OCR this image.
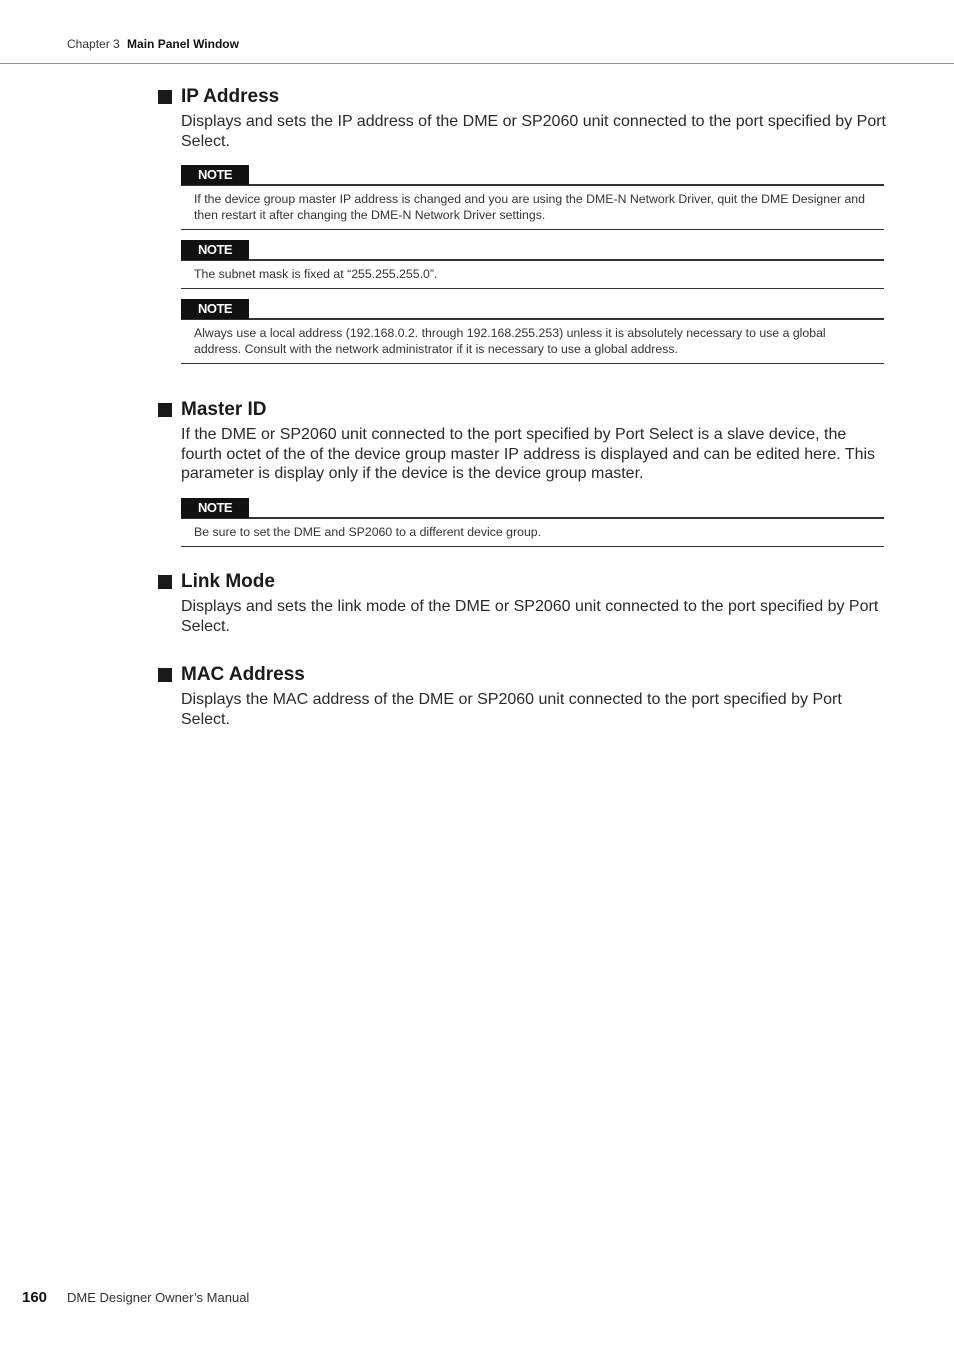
Chapter 3 Main Panel Window
IP Address
Displays and sets the IP address of the DME or SP2060 unit connected to the port specified by Port Select.
NOTE
If the device group master IP address is changed and you are using the DME-N Network Driver, quit the DME Designer and then restart it after changing the DME-N Network Driver settings.
NOTE
The subnet mask is fixed at “255.255.255.0”.
NOTE
Always use a local address (192.168.0.2. through 192.168.255.253) unless it is absolutely necessary to use a global address. Consult with the network administrator if it is necessary to use a global address.
Master ID
If the DME or SP2060 unit connected to the port specified by Port Select is a slave device, the fourth octet of the of the device group master IP address is displayed and can be edited here. This parameter is display only if the device is the device group master.
NOTE
Be sure to set the DME and SP2060 to a different device group.
Link Mode
Displays and sets the link mode of the DME or SP2060 unit connected to the port specified by Port Select.
MAC Address
Displays the MAC address of the DME or SP2060 unit connected to the port specified by Port Select.
160 DME Designer Owner’s Manual
